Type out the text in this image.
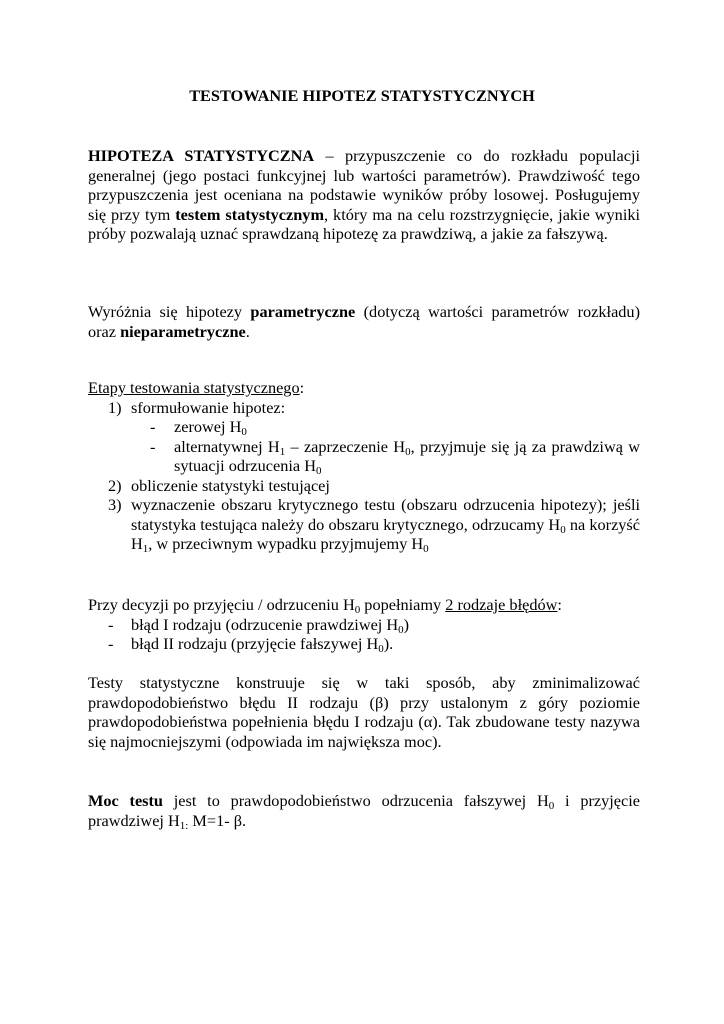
TESTOWANIE HIPOTEZ STATYSTYCZNYCH
HIPOTEZA STATYSTYCZNA – przypuszczenie co do rozkładu populacji generalnej (jego postaci funkcyjnej lub wartości parametrów). Prawdziwość tego przypuszczenia jest oceniana na podstawie wyników próby losowej. Posługujemy się przy tym testem statystycznym, który ma na celu rozstrzygnięcie, jakie wyniki próby pozwalają uznać sprawdzaną hipotezę za prawdziwą, a jakie za fałszywą.
Wyróżnia się hipotezy parametryczne (dotyczą wartości parametrów rozkładu) oraz nieparametryczne.
Etapy testowania statystycznego:
1) sformułowanie hipotez:
- zerowej $H_0$
- alternatywnej $H_1$ – zaprzeczenie $H_0$, przyjmuje się ją za prawdziwą w sytuacji odrzucenia $H_0$
2) obliczenie statystyki testującej
3) wyznaczenie obszaru krytycznego testu (obszaru odrzucenia hipotezy); jeśli statystyka testująca należy do obszaru krytycznego, odrzucamy $H_0$ na korzyść $H_1$, w przeciwnym wypadku przyjmujemy $H_0$
Przy decyzji po przyjęciu / odrzuceniu $H_0$ popełniamy 2 rodzaje błędów:
- błąd I rodzaju (odrzucenie prawdziwej $H_0$)
- błąd II rodzaju (przyjęcie fałszywej $H_0$).
Testy statystyczne konstruuje się w taki sposób, aby zminimalizować prawdopodobieństwo błędu II rodzaju (β) przy ustalonym z góry poziomie prawdopodobieństwa popełnienia błędu I rodzaju (α). Tak zbudowane testy nazywa się najmocniejszymi (odpowiada im największa moc).
Moc testu jest to prawdopodobieństwo odrzucenia fałszywej $H_0$ i przyjęcie prawdziwej $H_{1:}$ M=1- β.
